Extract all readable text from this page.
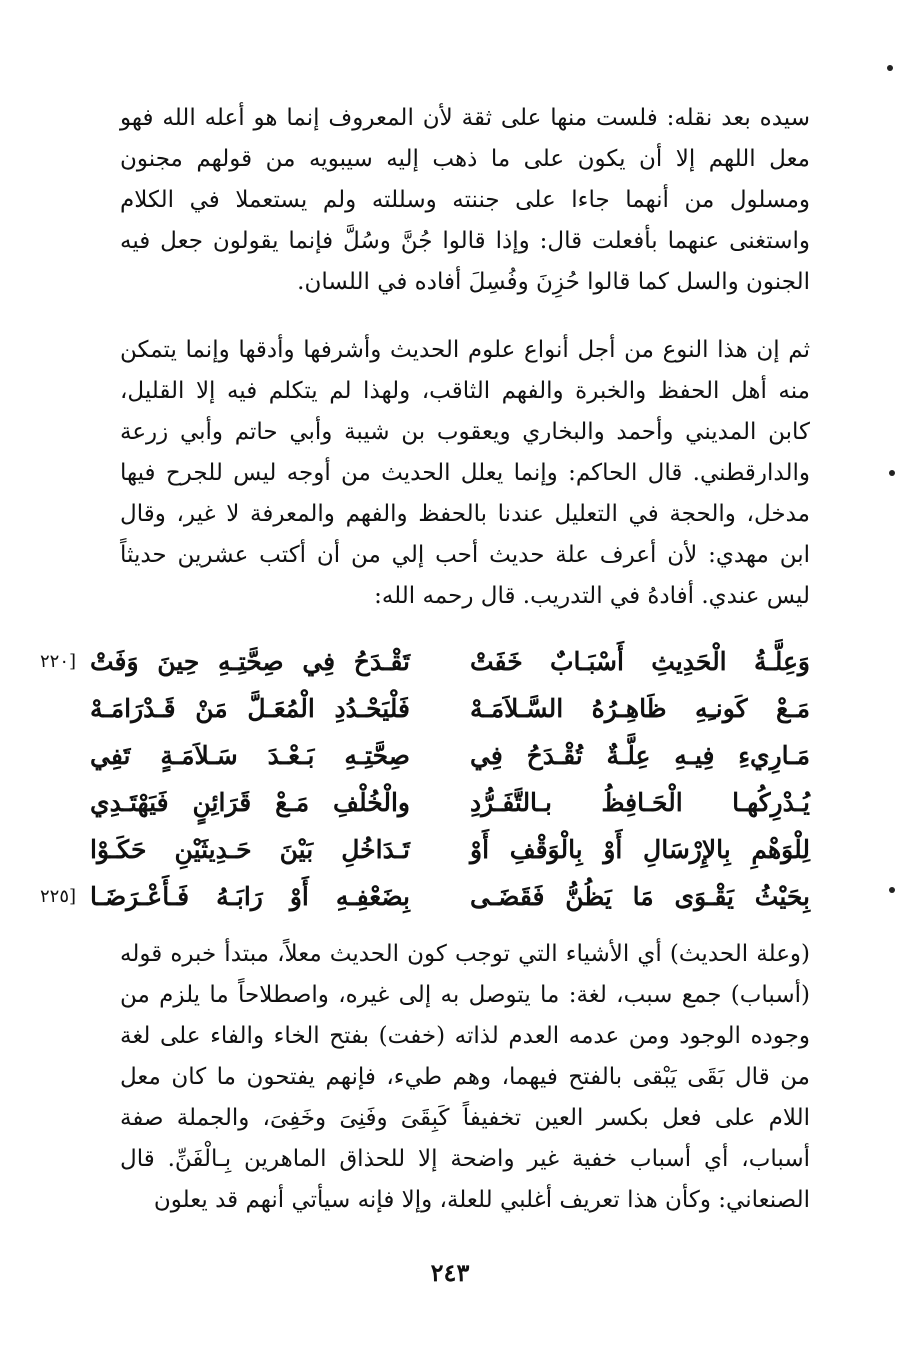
سيده بعد نقله: فلست منها على ثقة لأن المعروف إنما هو أعله الله فهو معل اللهم إلا أن يكون على ما ذهب إليه سيبويه من قولهم مجنون ومسلول من أنهما جاءا على جننته وسللته ولم يستعملا في الكلام واستغنى عنهما بأفعلت قال: وإذا قالوا جُنَّ وسُلَّ فإنما يقولون جعل فيه الجنون والسل كما قالوا حُزِنَ وفُسِلَ أفاده في اللسان.
ثم إن هذا النوع من أجل أنواع علوم الحديث وأشرفها وأدقها وإنما يتمكن منه أهل الحفظ والخبرة والفهم الثاقب، ولهذا لم يتكلم فيه إلا القليل، كابن المديني وأحمد والبخاري ويعقوب بن شيبة وأبي حاتم وأبي زرعة والدارقطني. قال الحاكم: وإنما يعلل الحديث من أوجه ليس للجرح فيها مدخل، والحجة في التعليل عندنا بالحفظ والفهم والمعرفة لا غير، وقال ابن مهدي: لأن أعرف علة حديث أحب إلي من أن أكتب عشرين حديثاً ليس عندي. أفادهُ في التدريب. قال رحمه الله:
وَعِلَّـةُ الْحَدِيثِ أَسْبَـابٌ خَفَتْ
تَقْـدَحُ فِي صِحَّتِـهِ حِينَ وَفَتْ
[٢٢٠
مَـعْ كَونـِهِ ظَاهِـرُهُ السَّـلاَمَـهْ
فَلْيَحْـدُدِ الْمُعَـلَّ مَنْ قَـدْرَامَـهْ
مَـارِيءِ فِيـهِ عِلَّـةٌ تُقْـدَحُ فِي
صِحَّتِـهِ بَـعْـدَ سَـلاَمَـةٍ تَفِي
يُـدْرِكُهـا الْحَـافِظُ بـالتَّفَـرُّدِ
والْخُلْفِ مَـعْ قَرَائِنٍ فَيَهْتَـدِي
لِلْوَهْمِ بِالإِرْسَالِ أَوْ بِالْوَقْفِ أَوْ
تَـدَاخُلِ بَيْنَ حَـدِيثَيْنِ حَكَـوْا
بِحَيْثُ يَقْـوَى مَا يَظُنُّ فَقَضَـى
بِضَعْفِـهِ أَوْ رَابَـهُ فَـأَعْـرَضَـا
[٢٢٥
(وعلة الحديث) أي الأشياء التي توجب كون الحديث معلاً، مبتدأ خبره قوله (أسباب) جمع سبب، لغة: ما يتوصل به إلى غيره، واصطلاحاً ما يلزم من وجوده الوجود ومن عدمه العدم لذاته (خفت) بفتح الخاء والفاء على لغة من قال بَقَى يَبْقى بالفتح فيهما، وهم طيء، فإنهم يفتحون ما كان معل اللام على فعل بكسر العين تخفيفاً كَبِقَىَ وفَنِىَ وخَفِىَ، والجملة صفة أسباب، أي أسباب خفية غير واضحة إلا للحذاق الماهرين بِـالْفَنِّ. قال الصنعاني: وكأن هذا تعريف أغلبي للعلة، وإلا فإنه سيأتي أنهم قد يعلون
٢٤٣
